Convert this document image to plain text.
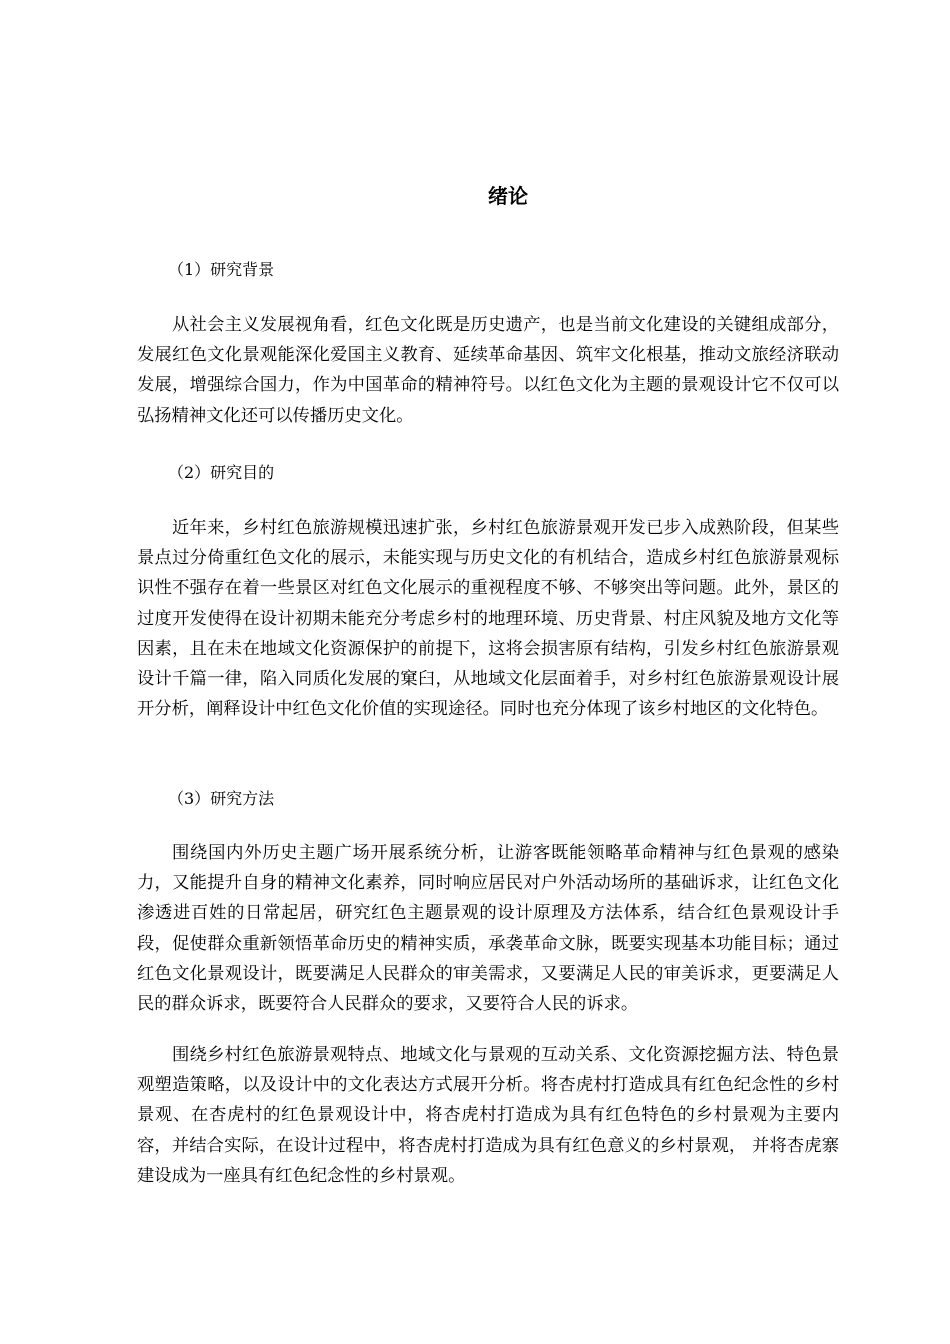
绪论

（1）研究背景

从社会主义发展视角看，红色文化既是历史遗产，也是当前文化建设的关键组成部分，发展红色文化景观能深化爱国主义教育、延续革命基因、筑牢文化根基，推动文旅经济联动发展，增强综合国力，作为中国革命的精神符号。以红色文化为主题的景观设计它不仅可以弘扬精神文化还可以传播历史文化。

（2）研究目的

近年来，乡村红色旅游规模迅速扩张，乡村红色旅游景观开发已步入成熟阶段，但某些景点过分倚重红色文化的展示，未能实现与历史文化的有机结合，造成乡村红色旅游景观标识性不强存在着一些景区对红色文化展示的重视程度不够、不够突出等问题。此外，景区的过度开发使得在设计初期未能充分考虑乡村的地理环境、历史背景、村庄风貌及地方文化等因素，且在未在地域文化资源保护的前提下，这将会损害原有结构，引发乡村红色旅游景观设计千篇一律，陷入同质化发展的窠臼，从地域文化层面着手，对乡村红色旅游景观设计展开分析，阐释设计中红色文化价值的实现途径。同时也充分体现了该乡村地区的文化特色。

（3）研究方法

围绕国内外历史主题广场开展系统分析，让游客既能领略革命精神与红色景观的感染力，又能提升自身的精神文化素养，同时响应居民对户外活动场所的基础诉求，让红色文化渗透进百姓的日常起居，研究红色主题景观的设计原理及方法体系，结合红色景观设计手段，促使群众重新领悟革命历史的精神实质，承袭革命文脉，既要实现基本功能目标；通过红色文化景观设计，既要满足人民群众的审美需求，又要满足人民的审美诉求，更要满足人民的群众诉求，既要符合人民群众的要求，又要符合人民的诉求。

围绕乡村红色旅游景观特点、地域文化与景观的互动关系、文化资源挖掘方法、特色景观塑造策略，以及设计中的文化表达方式展开分析。将杏虎村打造成具有红色纪念性的乡村景观、在杏虎村的红色景观设计中，将杏虎村打造成为具有红色特色的乡村景观为主要内容，并结合实际，在设计过程中，将杏虎村打造成为具有红色意义的乡村景观， 并将杏虎寨建设成为一座具有红色纪念性的乡村景观。
